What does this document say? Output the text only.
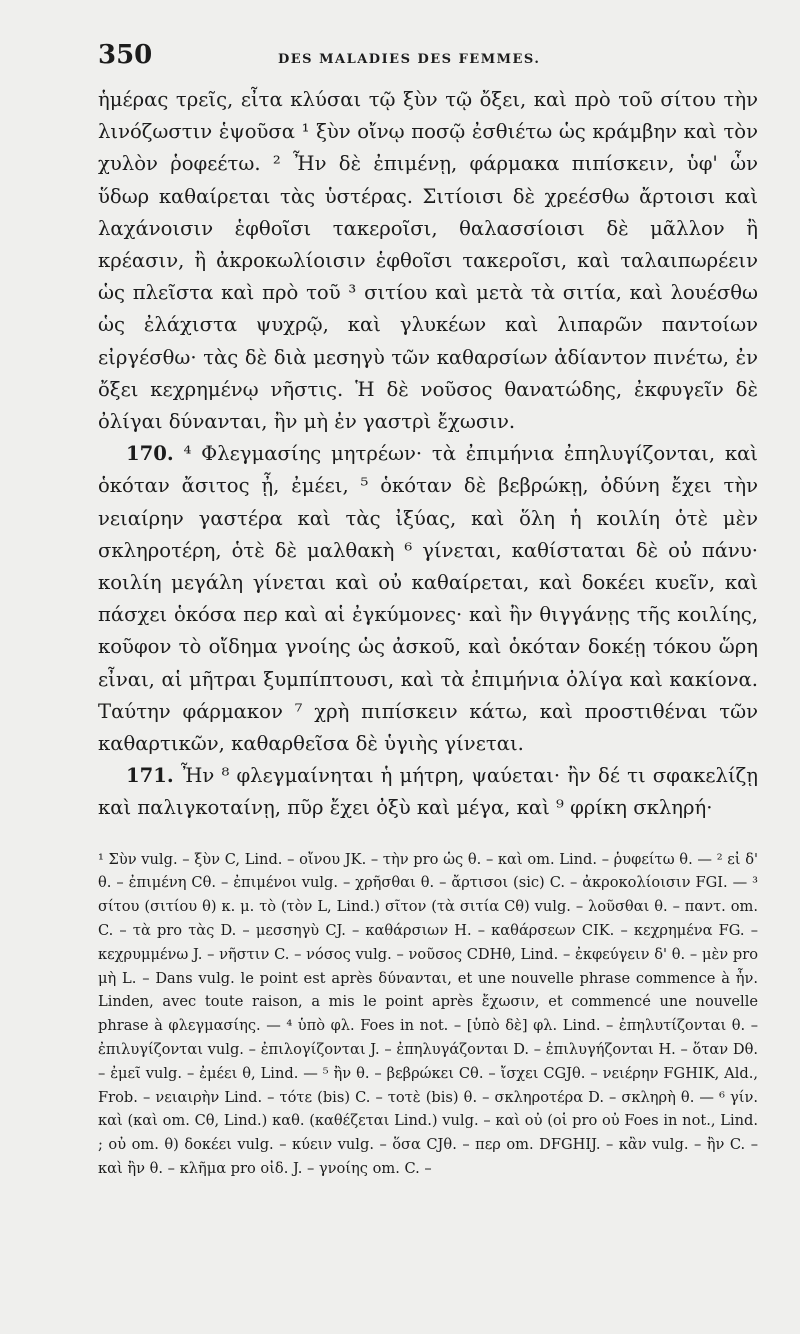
350	DES MALADIES DES FEMMES.

ἡμέρας τρεῖς, εἶτα κλύσαι τῷ ξὺν τῷ ὄξει, καὶ πρὸ τοῦ σίτου τὴν λινόζωστιν ἑψοῦσα ¹ ξὺν οἴνῳ ποσῷ ἐσθιέτω ὡς κράμβην καὶ τὸν χυλὸν ῥοφεέτω. ² Ἦν δὲ ἐπιμένῃ, φάρμακα πιπίσκειν, ὑφ' ὧν ὕδωρ καθαίρεται τὰς ὑστέρας. Σιτίοισι δὲ χρεέσθω ἄρτοισι καὶ λαχάνοισιν ἑφθοῖσι τακεροῖσι, θαλασσίοισι δὲ μᾶλλον ἢ κρέασιν, ἢ ἀκροκωλίοισιν ἑφθοῖσι τακεροῖσι, καὶ ταλαιπωρέειν ὡς πλεῖστα καὶ πρὸ τοῦ ³ σιτίου καὶ μετὰ τὰ σιτία, καὶ λουέσθω ὡς ἐλάχιστα ψυχρῷ, καὶ γλυκέων καὶ λιπαρῶν παντοίων εἰργέσθω· τὰς δὲ διὰ μεσηγὺ τῶν καθαρσίων ἀδίαντον πινέτω, ἐν ὄξει κεχρημένῳ νῆστις. Ἡ δὲ νοῦσος θανατώδης, ἐκφυγεῖν δὲ ὀλίγαι δύνανται, ἢν μὴ ἐν γαστρὶ ἔχωσιν.

170. ⁴ Φλεγμασίης μητρέων· τὰ ἐπιμήνια ἐπηλυγίζονται, καὶ ὁκόταν ἄσιτος ᾖ, ἐμέει, ⁵ ὁκόταν δὲ βεβρώκῃ, ὀδύνη ἔχει τὴν νειαίρην γαστέρα καὶ τὰς ἰξύας, καὶ ὅλη ἡ κοιλίη ὁτὲ μὲν σκληροτέρη, ὁτὲ δὲ μαλθακὴ ⁶ γίνεται, καθίσταται δὲ οὐ πάνυ· κοιλίη μεγάλη γίνεται καὶ οὐ καθαίρεται, καὶ δοκέει κυεῖν, καὶ πάσχει ὁκόσα περ καὶ αἱ ἐγκύμονες· καὶ ἢν θιγγάνῃς τῆς κοιλίης, κοῦφον τὸ οἴδημα γνοίης ὡς ἀσκοῦ, καὶ ὁκόταν δοκέῃ τόκου ὥρη εἶναι, αἱ μῆτραι ξυμπίπτουσι, καὶ τὰ ἐπιμήνια ὀλίγα καὶ κακίονα. Ταύτην φάρμακον ⁷ χρὴ πιπίσκειν κάτω, καὶ προστιθέναι τῶν καθαρτικῶν, καθαρθεῖσα δὲ ὑγιὴς γίνεται.

171. Ἦν ⁸ φλεγμαίνηται ἡ μήτρη, ψαύεται· ἢν δέ τι σφακελίζῃ καὶ παλιγκοταίνῃ, πῦρ ἔχει ὀξὺ καὶ μέγα, καὶ ⁹ φρίκη σκληρή·

¹ Σὺν vulg. – ξὺν C, Lind. – οἴνου JK. – τὴν pro ὡς θ. – καὶ om. Lind. – ῥυφείτω θ. — ² εἰ δ' θ. – ἐπιμένη Cθ. – ἐπιμένοι vulg. – χρῆσθαι θ. – ἄρτισοι (sic) C. – ἀκροκολίοισιν FGI. — ³ σίτου (σιτίου θ) κ. μ. τὸ (τὸν L, Lind.) σῖτον (τὰ σιτία Cθ) vulg. – λοῦσθαι θ. – παντ. om. C. – τὰ pro τὰς D. – μεσσηγὺ CJ. – καθάρσιων H. – καθάρσεων CIK. – κεχρημένα FG. – κεχρυμμένω J. – νῆστιν C. – νόσος vulg. – νοῦσος CDHθ, Lind. – ἐκφεύγειν δ' θ. – μὲν pro μὴ L. – Dans vulg. le point est après δύνανται, et une nouvelle phrase commence à ἦν. Linden, avec toute raison, a mis le point après ἔχωσιν, et commencé une nouvelle phrase à φλεγμασίης. — ⁴ ὑπὸ φλ. Foes in not. – [ὑπὸ δὲ] φλ. Lind. – ἐπηλυτίζονται θ. – ἐπιλυγίζονται vulg. – ἐπιλογίζονται J. – ἐπηλυγάζονται D. – ἐπιλυγήζονται H. – ὅταν Dθ. – ἐμεῖ vulg. – ἐμέει θ, Lind. — ⁵ ἢν θ. – βεβρώκει Cθ. – ἴσχει CGJθ. – νειέρην FGHIK, Ald., Frob. – νειαιρὴν Lind. – τότε (bis) C. – τοτὲ (bis) θ. – σκληροτέρα D. – σκληρὴ θ. — ⁶ γίν. καὶ (καὶ om. Cθ, Lind.) καθ. (καθέζεται Lind.) vulg. – καὶ οὐ (οἱ pro οὐ Foes in not., Lind. ; οὐ om. θ) δοκέει vulg. – κύειν vulg. – ὅσα CJθ. – περ om. DFGHIJ. – κἂν vulg. – ἢν C. – καὶ ἢν θ. – κλῆμα pro οἰδ. J. – γνοίης om. C. –
